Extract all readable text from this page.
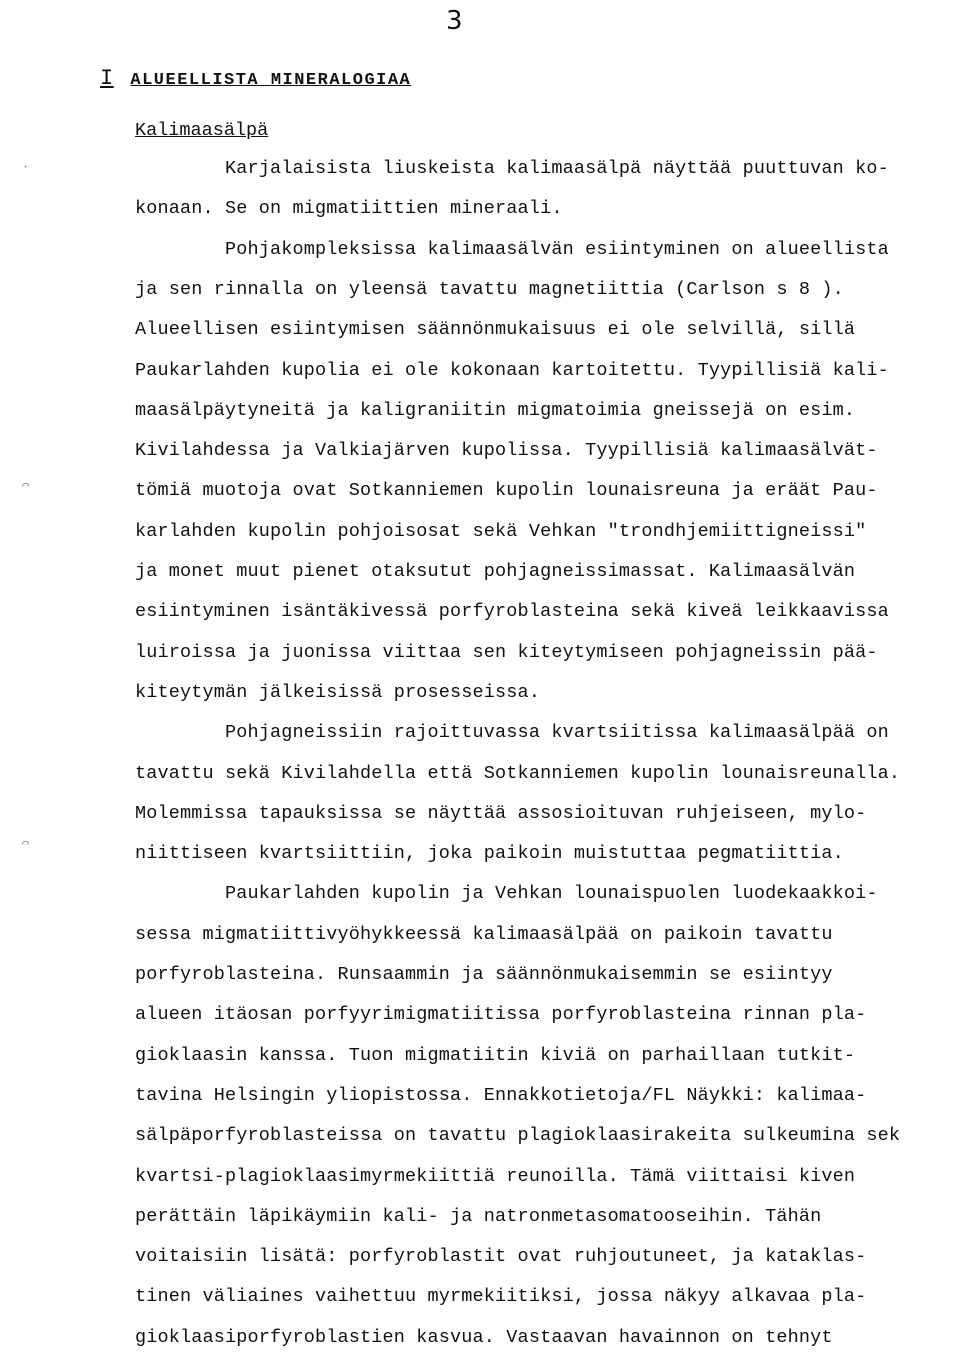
3
I ALUEELLISTA MINERALOGIAA
Kalimaasälpä
Karjalaisista liuskeista kalimaasälpä näyttää puuttuvan ko-
konaan. Se on migmatiittien mineraali.
Pohjakompleksissa kalimaasälvän esiintyminen on alueellista
ja sen rinnalla on yleensä tavattu magnetiittia (Carlson s 8 ).
Alueellisen esiintymisen säännönmukaisuus ei ole selvillä, sillä
Paukarlahden kupolia ei ole kokonaan kartoitettu. Tyypillisiä kali-
maasälpäytyneitä ja kaligraniitin migmatoimia gneissejä on esim.
Kivilahdessa ja Valkiajärven kupolissa. Tyypillisiä kalimaasälvät-
tömiä muotoja ovat Sotkanniemen kupolin lounaisreuna ja eräät Pau-
karlahden kupolin pohjoisosat sekä Vehkan "trondhjemiittigneissi"
ja monet muut pienet otaksutut pohjagneissimassat. Kalimaasälvän
esiintyminen isäntäkivessä porfyroblasteina sekä kiveä leikkaavissa
luiroissa ja juonissa viittaa sen kiteytymiseen pohjagneissin pää-
kiteytymän jälkeisissä prosesseissa.
Pohjagneissiin rajoittuvassa kvartsiitissa kalimaasälpää on
tavattu sekä Kivilahdella että Sotkanniemen kupolin lounaisreunalla.
Molemmissa tapauksissa se näyttää assosioituvan ruhjeiseen, mylo-
niittiseen kvartsiittiin, joka paikoin muistuttaa pegmatiittia.
Paukarlahden kupolin ja Vehkan lounaispuolen luodekaakkoi-
sessa migmatiittivyöhykkeessä kalimaasälpää on paikoin tavattu
porfyroblasteina. Runsaammin ja säännönmukaisemmin se esiintyy
alueen itäosan porfyyrimigmatiitissa porfyroblasteina rinnan pla-
gioklaasin kanssa. Tuon migmatiitin kiviä on parhaillaan tutkit-
tavina Helsingin yliopistossa. Ennakkotietoja/FL Näykki: kalimaa-
sälpäporfyroblasteissa on tavattu plagioklaasirakeita sulkeumina sek
kvartsi-plagioklaasimyrmekiittiä reunoilla. Tämä viittaisi kiven
perättäin läpikäymiin kali- ja natronmetasomatooseihin. Tähän
voitaisiin lisätä: porfyroblastit ovat ruhjoutuneet, ja kataklas-
tinen väliaines vaihettuu myrmekiitiksi, jossa näkyy alkavaa pla-
gioklaasiporfyroblastien kasvua. Vastaavan havainnon on tehnyt
·
⌒
⌒
